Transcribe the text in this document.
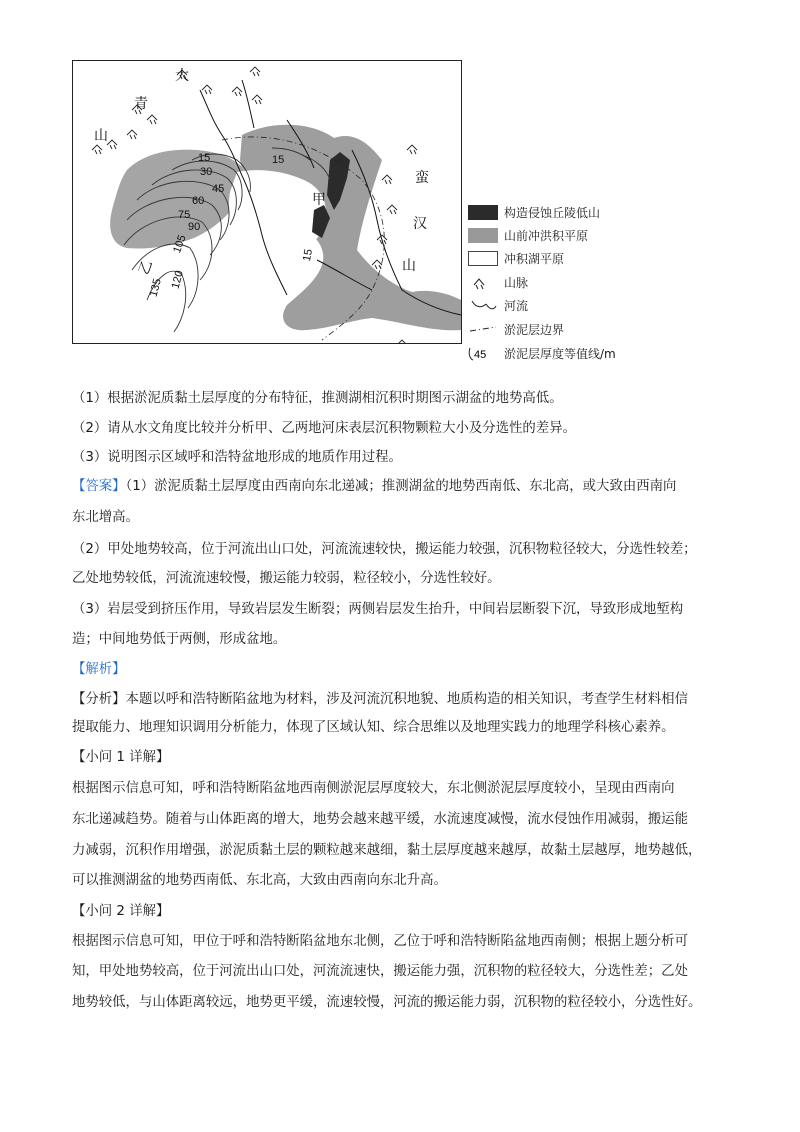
大
青
山
蛮
汉
山
甲
乙
15
30
45
60
75
90
105
120
135
15
15
构造侵蚀丘陵低山
山前冲洪积平原
冲积湖平原
山脉
河流
淤泥层边界
45 淤泥层厚度等值线/m
（1）根据淤泥质黏土层厚度的分布特征，推测湖相沉积时期图示湖盆的地势高低。
（2）请从水文角度比较并分析甲、乙两地河床表层沉积物颗粒大小及分选性的差异。
（3）说明图示区域呼和浩特盆地形成的地质作用过程。
【答案】（1）淤泥质黏土层厚度由西南向东北递减；推测湖盆的地势西南低、东北高，或大致由西南向
东北增高。
（2）甲处地势较高，位于河流出山口处，河流流速较快，搬运能力较强，沉积物粒径较大，分选性较差；
乙处地势较低，河流流速较慢，搬运能力较弱，粒径较小，分选性较好。
（3）岩层受到挤压作用，导致岩层发生断裂；两侧岩层发生抬升，中间岩层断裂下沉，导致形成地堑构
造；中间地势低于两侧，形成盆地。
【解析】
【分析】本题以呼和浩特断陷盆地为材料，涉及河流沉积地貌、地质构造的相关知识，考查学生材料相信
提取能力、地理知识调用分析能力，体现了区域认知、综合思维以及地理实践力的地理学科核心素养。
【小问 1 详解】
根据图示信息可知，呼和浩特断陷盆地西南侧淤泥层厚度较大，东北侧淤泥层厚度较小，呈现由西南向
东北递减趋势。随着与山体距离的增大，地势会越来越平缓，水流速度减慢，流水侵蚀作用减弱，搬运能
力减弱，沉积作用增强，淤泥质黏土层的颗粒越来越细，黏土层厚度越来越厚，故黏土层越厚，地势越低，
可以推测湖盆的地势西南低、东北高，大致由西南向东北升高。
【小问 2 详解】
根据图示信息可知，甲位于呼和浩特断陷盆地东北侧，乙位于呼和浩特断陷盆地西南侧；根据上题分析可
知，甲处地势较高，位于河流出山口处，河流流速快，搬运能力强，沉积物的粒径较大，分选性差；乙处
地势较低，与山体距离较远，地势更平缓，流速较慢，河流的搬运能力弱，沉积物的粒径较小，分选性好。
